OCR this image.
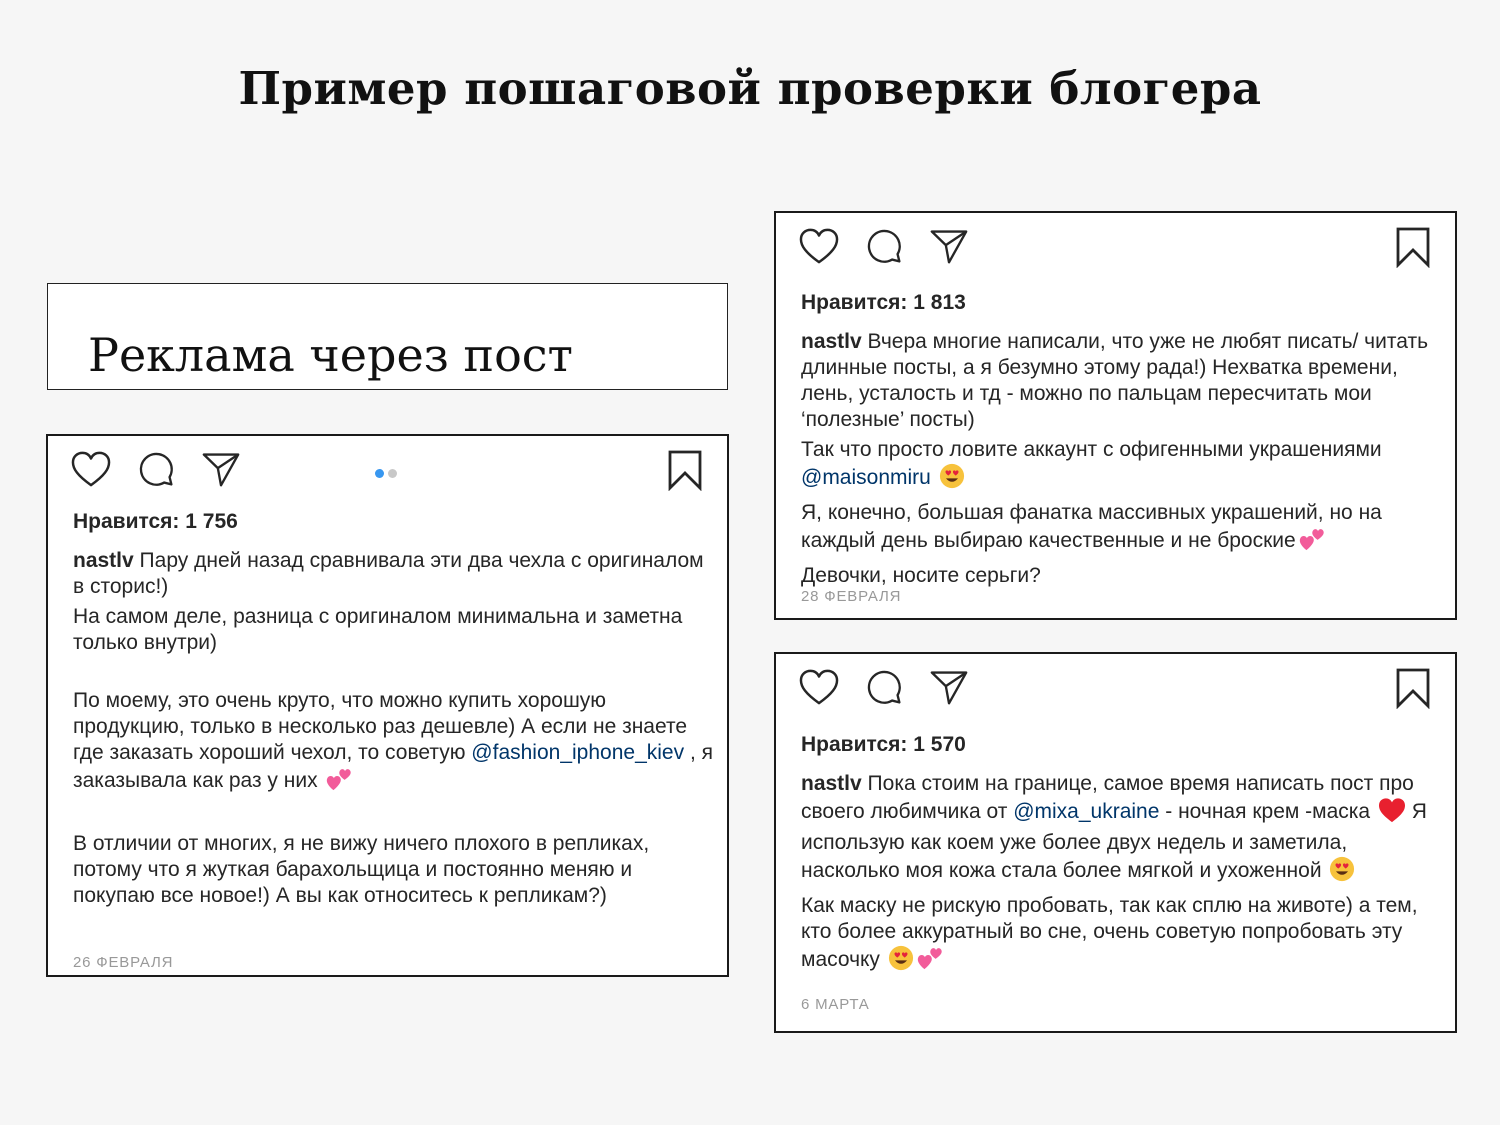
Пример пошаговой проверки блогера
Реклама через пост
Нравится: 1 756

nastlv Пару дней назад сравнивала эти два чехла с оригиналом в сторис!)

На самом деле, разница с оригиналом минимальна и заметна только внутри)

По моему, это очень круто, что можно купить хорошую продукцию, только в несколько раз дешевле) А если не знаете где заказать хороший чехол, то советую @fashion_iphone_kiev , я заказывала как раз у них

В отличии от многих, я не вижу ничего плохого в репликах, потому что я жуткая барахольщица и постоянно меняю и покупаю все новое!) А вы как относитесь к репликам?)

26 ФЕВРАЛЯ
Нравится: 1 813

nastlv Вчера многие написали, что уже не любят писать/ читать длинные посты, а я безумно этому рада!) Нехватка времени, лень, усталость и тд - можно по пальцам пересчитать мои ‘полезные’ посты)

Так что просто ловите аккаунт с офигенными украшениями @maisonmiru

Я, конечно, большая фанатка массивных украшений, но на каждый день выбираю качественные и не броские

Девочки, носите серьги?

28 ФЕВРАЛЯ
Нравится: 1 570

nastlv Пока стоим на границе, самое время написать пост про своего любимчика от @mixa_ukraine - ночная крем -маска  Я использую как коем уже более двух недель и заметила, насколько моя кожа стала более мягкой и ухоженной

Как маску не рискую пробовать, так как сплю на животе) а тем, кто более аккуратный во сне, очень советую попробовать эту масочку

6 МАРТА
